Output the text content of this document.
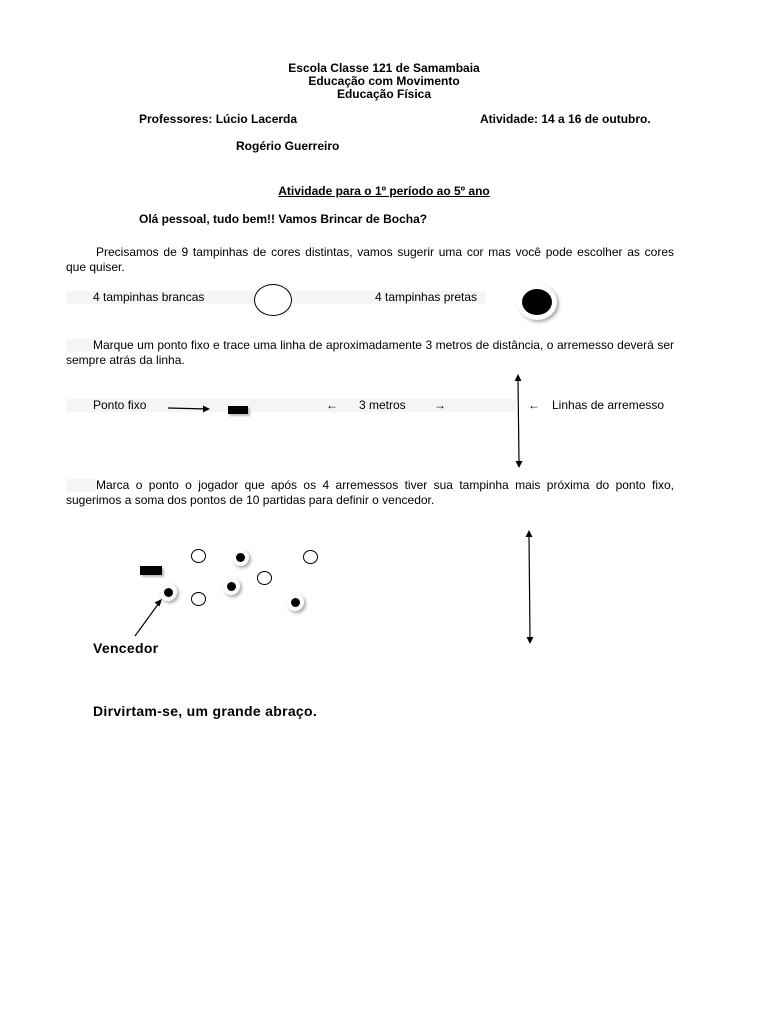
Escola Classe 121 de Samambaia
Educação com Movimento
Educação Física
Professores: Lúcio Lacerda	Atividade: 14 a 16 de outubro.
Rogério Guerreiro
Atividade para o 1º período ao 5º ano
Olá pessoal, tudo bem!! Vamos Brincar de Bocha?
Precisamos de 9 tampinhas de cores distintas, vamos sugerir uma cor mas você pode escolher as cores que quiser.
4 tampinhas brancas	4 tampinhas pretas
Marque um ponto fixo e trace uma linha de aproximadamente 3 metros de distância, o arremesso deverá ser sempre atrás da linha.
Ponto fixo	← 3 metros →	← Linhas de arremesso
Marca o ponto o jogador que após os 4 arremessos tiver sua tampinha mais próxima do ponto fixo, sugerimos a soma dos pontos de 10 partidas para definir o vencedor.
Vencedor
Dirvirtam-se, um grande abraço.
